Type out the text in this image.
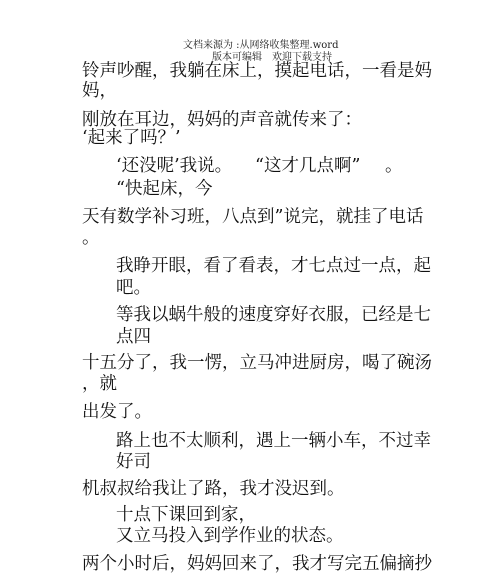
文档来源为 :从网络收集整理.word
版本可编辑 欢迎下载支持
铃声吵醒，我躺在床上，摸起电话，一看是妈
妈，
刚放在耳边，妈妈的声音就传来了：
‘起来了吗？’
‘还没呢’我说。 “这才几点啊” 。
“快起床，今
天有数学补习班，八点到”说完，就挂了电话
。
我睁开眼，看了看表，才七点过一点，起
吧。
等我以蜗牛般的速度穿好衣服，已经是七
点四
十五分了，我一愣，立马冲进厨房，喝了碗汤
，就
出发了。
路上也不太顺利，遇上一辆小车，不过幸
好司
机叔叔给我让了路，我才没迟到。
十点下课回到家，
又立马投入到学作业的状态。
两个小时后，妈妈回来了，我才写完五偏摘抄
